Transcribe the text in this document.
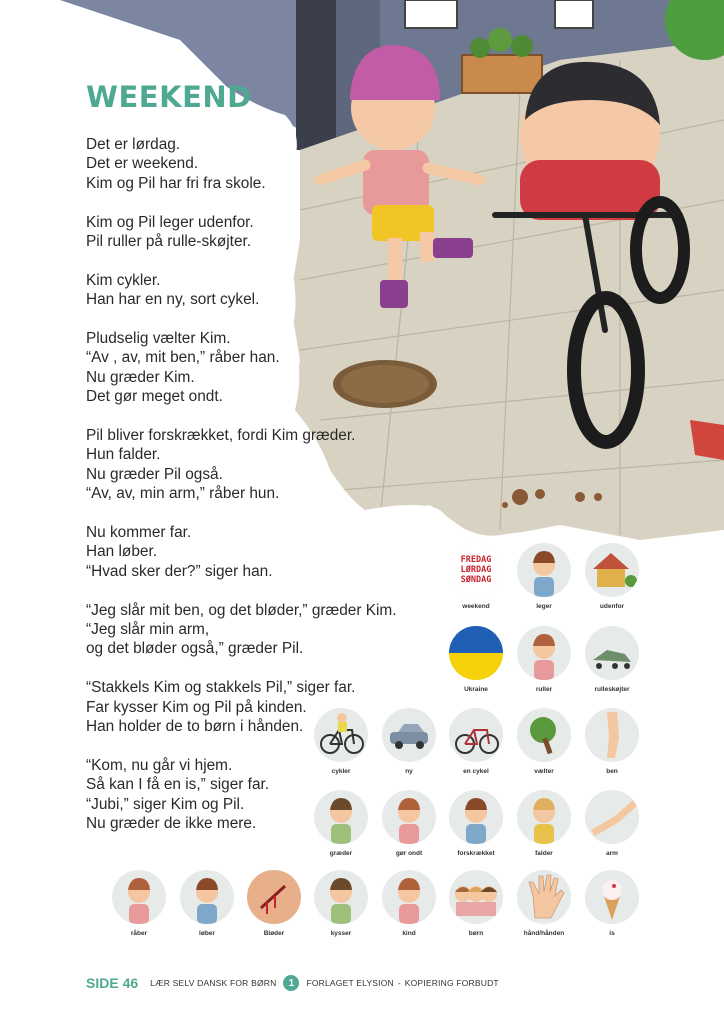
WEEKEND

Det er lørdag.
Det er weekend.
Kim og Pil har fri fra skole.

Kim og Pil leger udenfor.
Pil ruller på rulle-skøjter.

Kim cykler.
Han har en ny, sort cykel.

Pludselig vælter Kim.
“Av , av, mit ben,” råber han.
Nu græder Kim.
Det gør meget ondt.

Pil bliver forskrækket, fordi Kim græder.
Hun falder.
Nu græder Pil også.
“Av, av, min arm,” råber hun.

Nu kommer far.
Han løber.
“Hvad sker der?” siger han.

“Jeg slår mit ben, og det bløder,” græder Kim.
“Jeg slår min arm,
og det bløder også,” græder Pil.

“Stakkels Kim og stakkels Pil,” siger far.
Far kysser Kim og Pil på kinden.
Han holder de to børn i hånden.

“Kom, nu går vi hjem.
Så kan I få en is,” siger far.
“Jubi,” siger Kim og Pil.
Nu græder de ikke mere.

FREDAG
LØRDAG
SØNDAG
weekend	leger	udenfor
Ukraine	ruller	rulleskøjter
cykler	ny	en cykel	vælter	ben
græder	gør ondt	forskrækket	falder	arm
råber	løber	Bløder	kysser	kind	børn	hånd/hånden	is
SIDE 46 LÆR SELV DANSK FOR BØRN	1	FORLAGET ELYSION - KOPIERING FORBUDT
